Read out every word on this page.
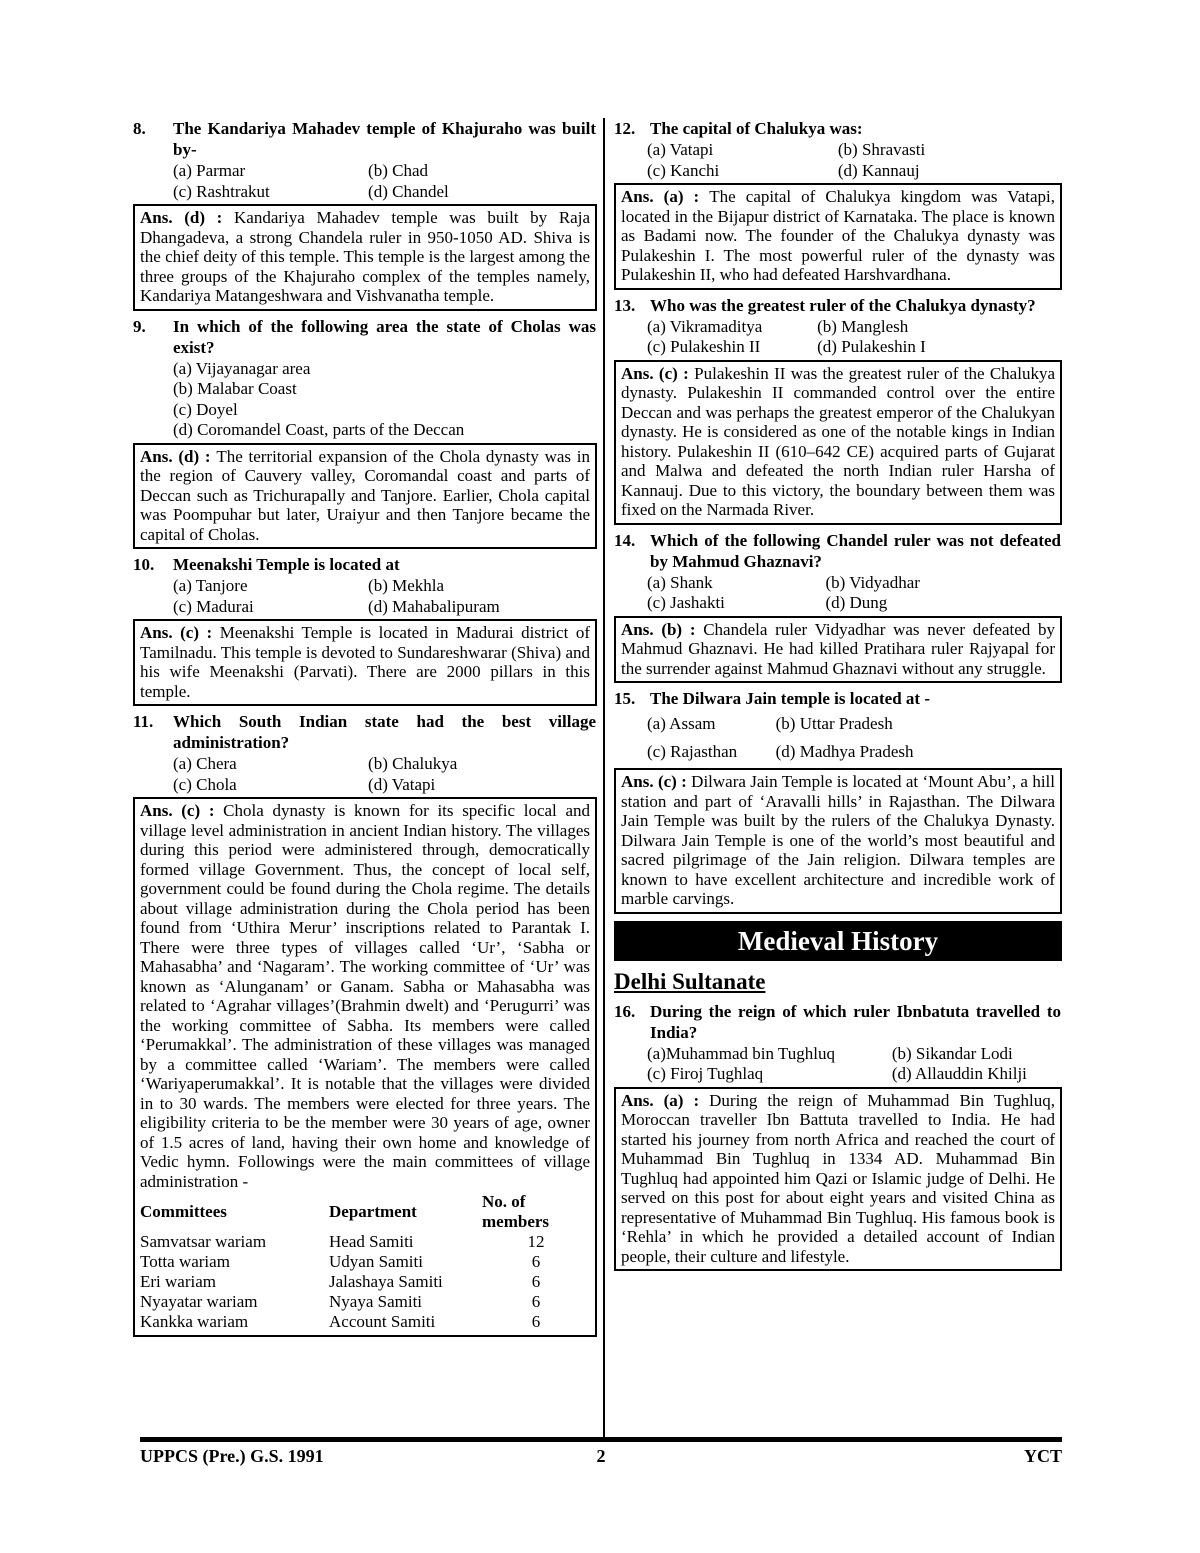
8.	The Kandariya Mahadev temple of Khajuraho was built by-
(a) Parmar	(b) Chad
(c) Rashtrakut	(d) Chandel

Ans. (d) : Kandariya Mahadev temple was built by Raja Dhangadeva, a strong Chandela ruler in 950-1050 AD. Shiva is the chief deity of this temple. This temple is the largest among the three groups of the Khajuraho complex of the temples namely, Kandariya Matangeshwara and Vishvanatha temple.

9.	In which of the following area the state of Cholas was exist?
(a) Vijayanagar area
(b) Malabar Coast
(c) Doyel
(d) Coromandel Coast, parts of the Deccan

Ans. (d) : The territorial expansion of the Chola dynasty was in the region of Cauvery valley, Coromandal coast and parts of Deccan such as Trichurapally and Tanjore. Earlier, Chola capital was Poompuhar but later, Uraiyur and then Tanjore became the capital of Cholas.

10.	Meenakshi Temple is located at
(a) Tanjore	(b) Mekhla
(c) Madurai	(d) Mahabalipuram

Ans. (c) : Meenakshi Temple is located in Madurai district of Tamilnadu. This temple is devoted to Sundareshwarar (Shiva) and his wife Meenakshi (Parvati). There are 2000 pillars in this temple.

11.	Which South Indian state had the best village administration?
(a) Chera	(b) Chalukya
(c) Chola	(d) Vatapi

Ans. (c) : Chola dynasty is known for its specific local and village level administration in ancient Indian history. The villages during this period were administered through, democratically formed village Government. Thus, the concept of local self, government could be found during the Chola regime. The details about village administration during the Chola period has been found from ‘Uthira Merur’ inscriptions related to Parantak I. There were three types of villages called ‘Ur’, ‘Sabha or Mahasabha’ and ‘Nagaram’. The working committee of ‘Ur’ was known as ‘Alunganam’ or Ganam. Sabha or Mahasabha was related to ‘Agrahar villages’(Brahmin dwelt) and ‘Perugurri’ was the working committee of Sabha. Its members were called ‘Perumakkal’. The administration of these villages was managed by a committee called ‘Wariam’. The members were called ‘Wariyaperumakkal’. It is notable that the villages were divided in to 30 wards. The members were elected for three years. The eligibility criteria to be the member were 30 years of age, owner of 1.5 acres of land, having their own home and knowledge of Vedic hymn. Followings were the main committees of village administration -

Committees	Department	No. of members
Samvatsar wariam	Head Samiti	12
Totta wariam	Udyan Samiti	6
Eri wariam	Jalashaya Samiti	6
Nyayatar wariam	Nyaya Samiti	6
Kankka wariam	Account Samiti	6
12. The capital of Chalukya was:
(a) Vatapi	(b) Shravasti
(c) Kanchi	(d) Kannauj

Ans. (a) : The capital of Chalukya kingdom was Vatapi, located in the Bijapur district of Karnataka. The place is known as Badami now. The founder of the Chalukya dynasty was Pulakeshin I. The most powerful ruler of the dynasty was Pulakeshin II, who had defeated Harshvardhana.

13. Who was the greatest ruler of the Chalukya dynasty?
(a) Vikramaditya	(b) Manglesh
(c) Pulakeshin II	(d) Pulakeshin I

Ans. (c) : Pulakeshin II was the greatest ruler of the Chalukya dynasty. Pulakeshin II commanded control over the entire Deccan and was perhaps the greatest emperor of the Chalukyan dynasty. He is considered as one of the notable kings in Indian history. Pulakeshin II (610–642 CE) acquired parts of Gujarat and Malwa and defeated the north Indian ruler Harsha of Kannauj. Due to this victory, the boundary between them was fixed on the Narmada River.

14. Which of the following Chandel ruler was not defeated by Mahmud Ghaznavi?
(a) Shank	(b) Vidyadhar
(c) Jashakti	(d) Dung

Ans. (b) : Chandela ruler Vidyadhar was never defeated by Mahmud Ghaznavi. He had killed Pratihara ruler Rajyapal for the surrender against Mahmud Ghaznavi without any struggle.

15. The Dilwara Jain temple is located at -
(a) Assam	(b) Uttar Pradesh
(c) Rajasthan	(d) Madhya Pradesh

Ans. (c) : Dilwara Jain Temple is located at ‘Mount Abu’, a hill station and part of ‘Aravalli hills’ in Rajasthan. The Dilwara Jain Temple was built by the rulers of the Chalukya Dynasty. Dilwara Jain Temple is one of the world’s most beautiful and sacred pilgrimage of the Jain religion. Dilwara temples are known to have excellent architecture and incredible work of marble carvings.

Medieval History
Delhi Sultanate
16. During the reign of which ruler Ibnbatuta travelled to India?
(a)Muhammad bin Tughluq	(b) Sikandar Lodi
(c) Firoj Tughlaq	(d) Allauddin Khilji

Ans. (a) : During the reign of Muhammad Bin Tughluq, Moroccan traveller Ibn Battuta travelled to India. He had started his journey from north Africa and reached the court of Muhammad Bin Tughluq in 1334 AD. Muhammad Bin Tughluq had appointed him Qazi or Islamic judge of Delhi. He served on this post for about eight years and visited China as representative of Muhammad Bin Tughluq. His famous book is ‘Rehla’ in which he provided a detailed account of Indian people, their culture and lifestyle.

UPPCS (Pre.) G.S. 1991	2	YCT
